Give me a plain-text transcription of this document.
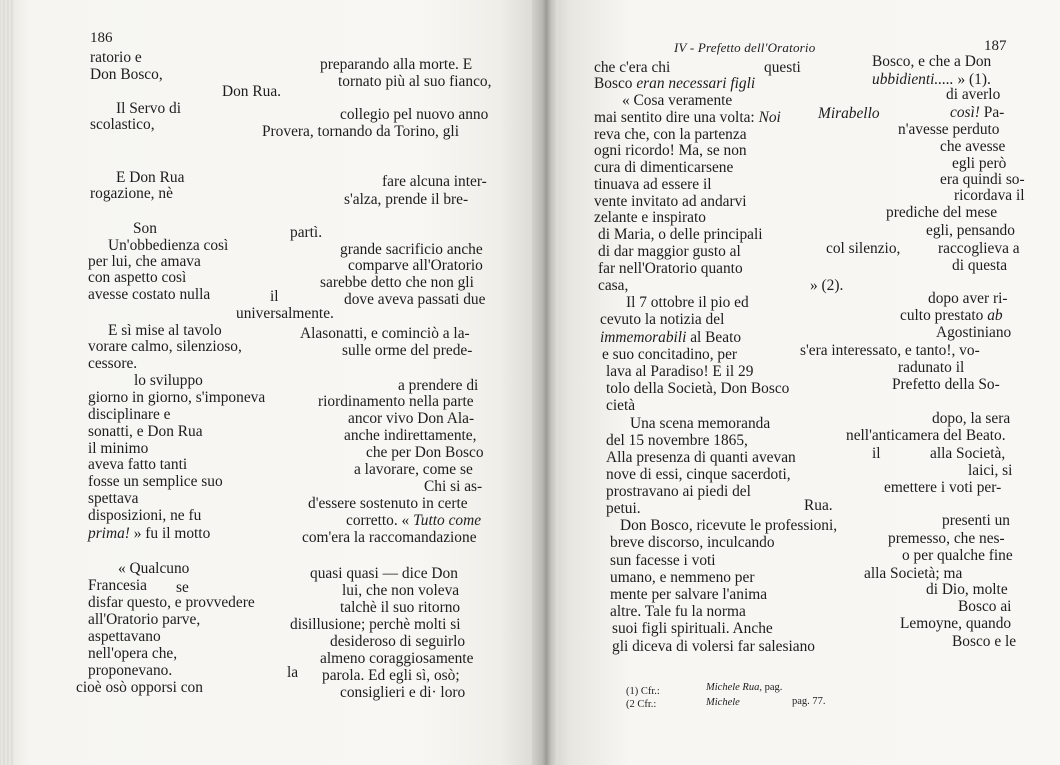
186
ratorio e	preparando alla morte. E
Don Bosco,	tornato più al suo fianco,
Don Rua.
Il Servo di	collegio pel nuovo anno
scolastico,	Provera, tornando da Torino, gli
E Don Rua	fare alcuna inter-
rogazione, nè	s'alza, prende il bre-
Son	partì.
Un'obbedienza così	grande sacrificio anche
per lui, che amava	comparve all'Oratorio
con aspetto così	sarebbe detto che non gli
avesse costato nulla	il	dove aveva passati due
universalmente.
E sì mise al tavolo	Alasonatti, e cominciò a la-
vorare calmo, silenzioso,	sulle orme del prede-
cessore.
lo sviluppo	a prendere di
giorno in giorno, s'imponeva	riordinamento nella parte
disciplinare e	ancor vivo Don Ala-
sonatti, e Don Rua	anche indirettamente,
il minimo	che per Don Bosco
aveva fatto tanti	a lavorare, come se
fosse un semplice suo	Chi si as-
spettava	d'essere sostenuto in certe
disposizioni, ne fu	corretto. « Tutto come
prima! » fu il motto	com'era la raccomandazione
« Qualcuno	quasi quasi — dice Don
Francesia se	lui, che non voleva
disfar questo, e provvedere	talchè il suo ritorno
all'Oratorio parve,	disillusione; perchè molti si
aspettavano	desideroso di seguirlo
nell'opera che,	almeno coraggiosamente
proponevano.	la parola. Ed egli sì, osò;
cioè osò opporsi con	consiglieri e di· loro
IV - Prefetto dell'Oratorio	187
che c'era chi	questi	Bosco, e che a Don
Bosco eran necessari figli	ubbidienti..... » (1).
« Cosa veramente	di averlo
mai sentito dire una volta: Noi Mirabello	così! Pa-
reva che, con la partenza	n'avesse perduto
ogni ricordo! Ma, se non	che avesse
cura di dimenticarsene	egli però
tinuava ad essere il	era quindi so-
vente invitato ad andarvi	ricordava il
zelante e inspirato	prediche del mese
di Maria, o delle principali	egli, pensando
di dar maggior gusto al	col silenzio, raccoglieva a
far nell'Oratorio quanto	di questa
casa,	» (2).
Il 7 ottobre il pio ed	dopo aver ri-
cevuto la notizia del	culto prestato ab
immemorabili al Beato	Agostiniano
e suo concitadino, per	s'era interessato, e tanto!, vo-
lava al Paradiso! E il 29	radunato il
tolo della Società, Don Bosco	Prefetto della So-
cietà
Una scena memoranda	dopo, la sera
del 15 novembre 1865,	nell'anticamera del Beato.
Alla presenza di quanti avevan	il	alla Società,
nove di essi, cinque sacerdoti,	laici, si
prostravano ai piedi del	emettere i voti per-
petui.	Rua.
Don Bosco, ricevute le professioni,	presenti un
breve discorso, inculcando	premesso, che nes-
sun facesse i voti	o per qualche fine
umano, e nemmeno per	alla Società; ma
mente per salvare l'anima	di Dio, molte
altre. Tale fu la norma	Bosco ai
suoi figli spirituali. Anche	Lemoyne, quando
gli diceva di volersi far salesiano	Bosco e le
(1) Cfr.:	Michele Rua, pag.
(2 Cfr.:	Michele	pag. 77.
